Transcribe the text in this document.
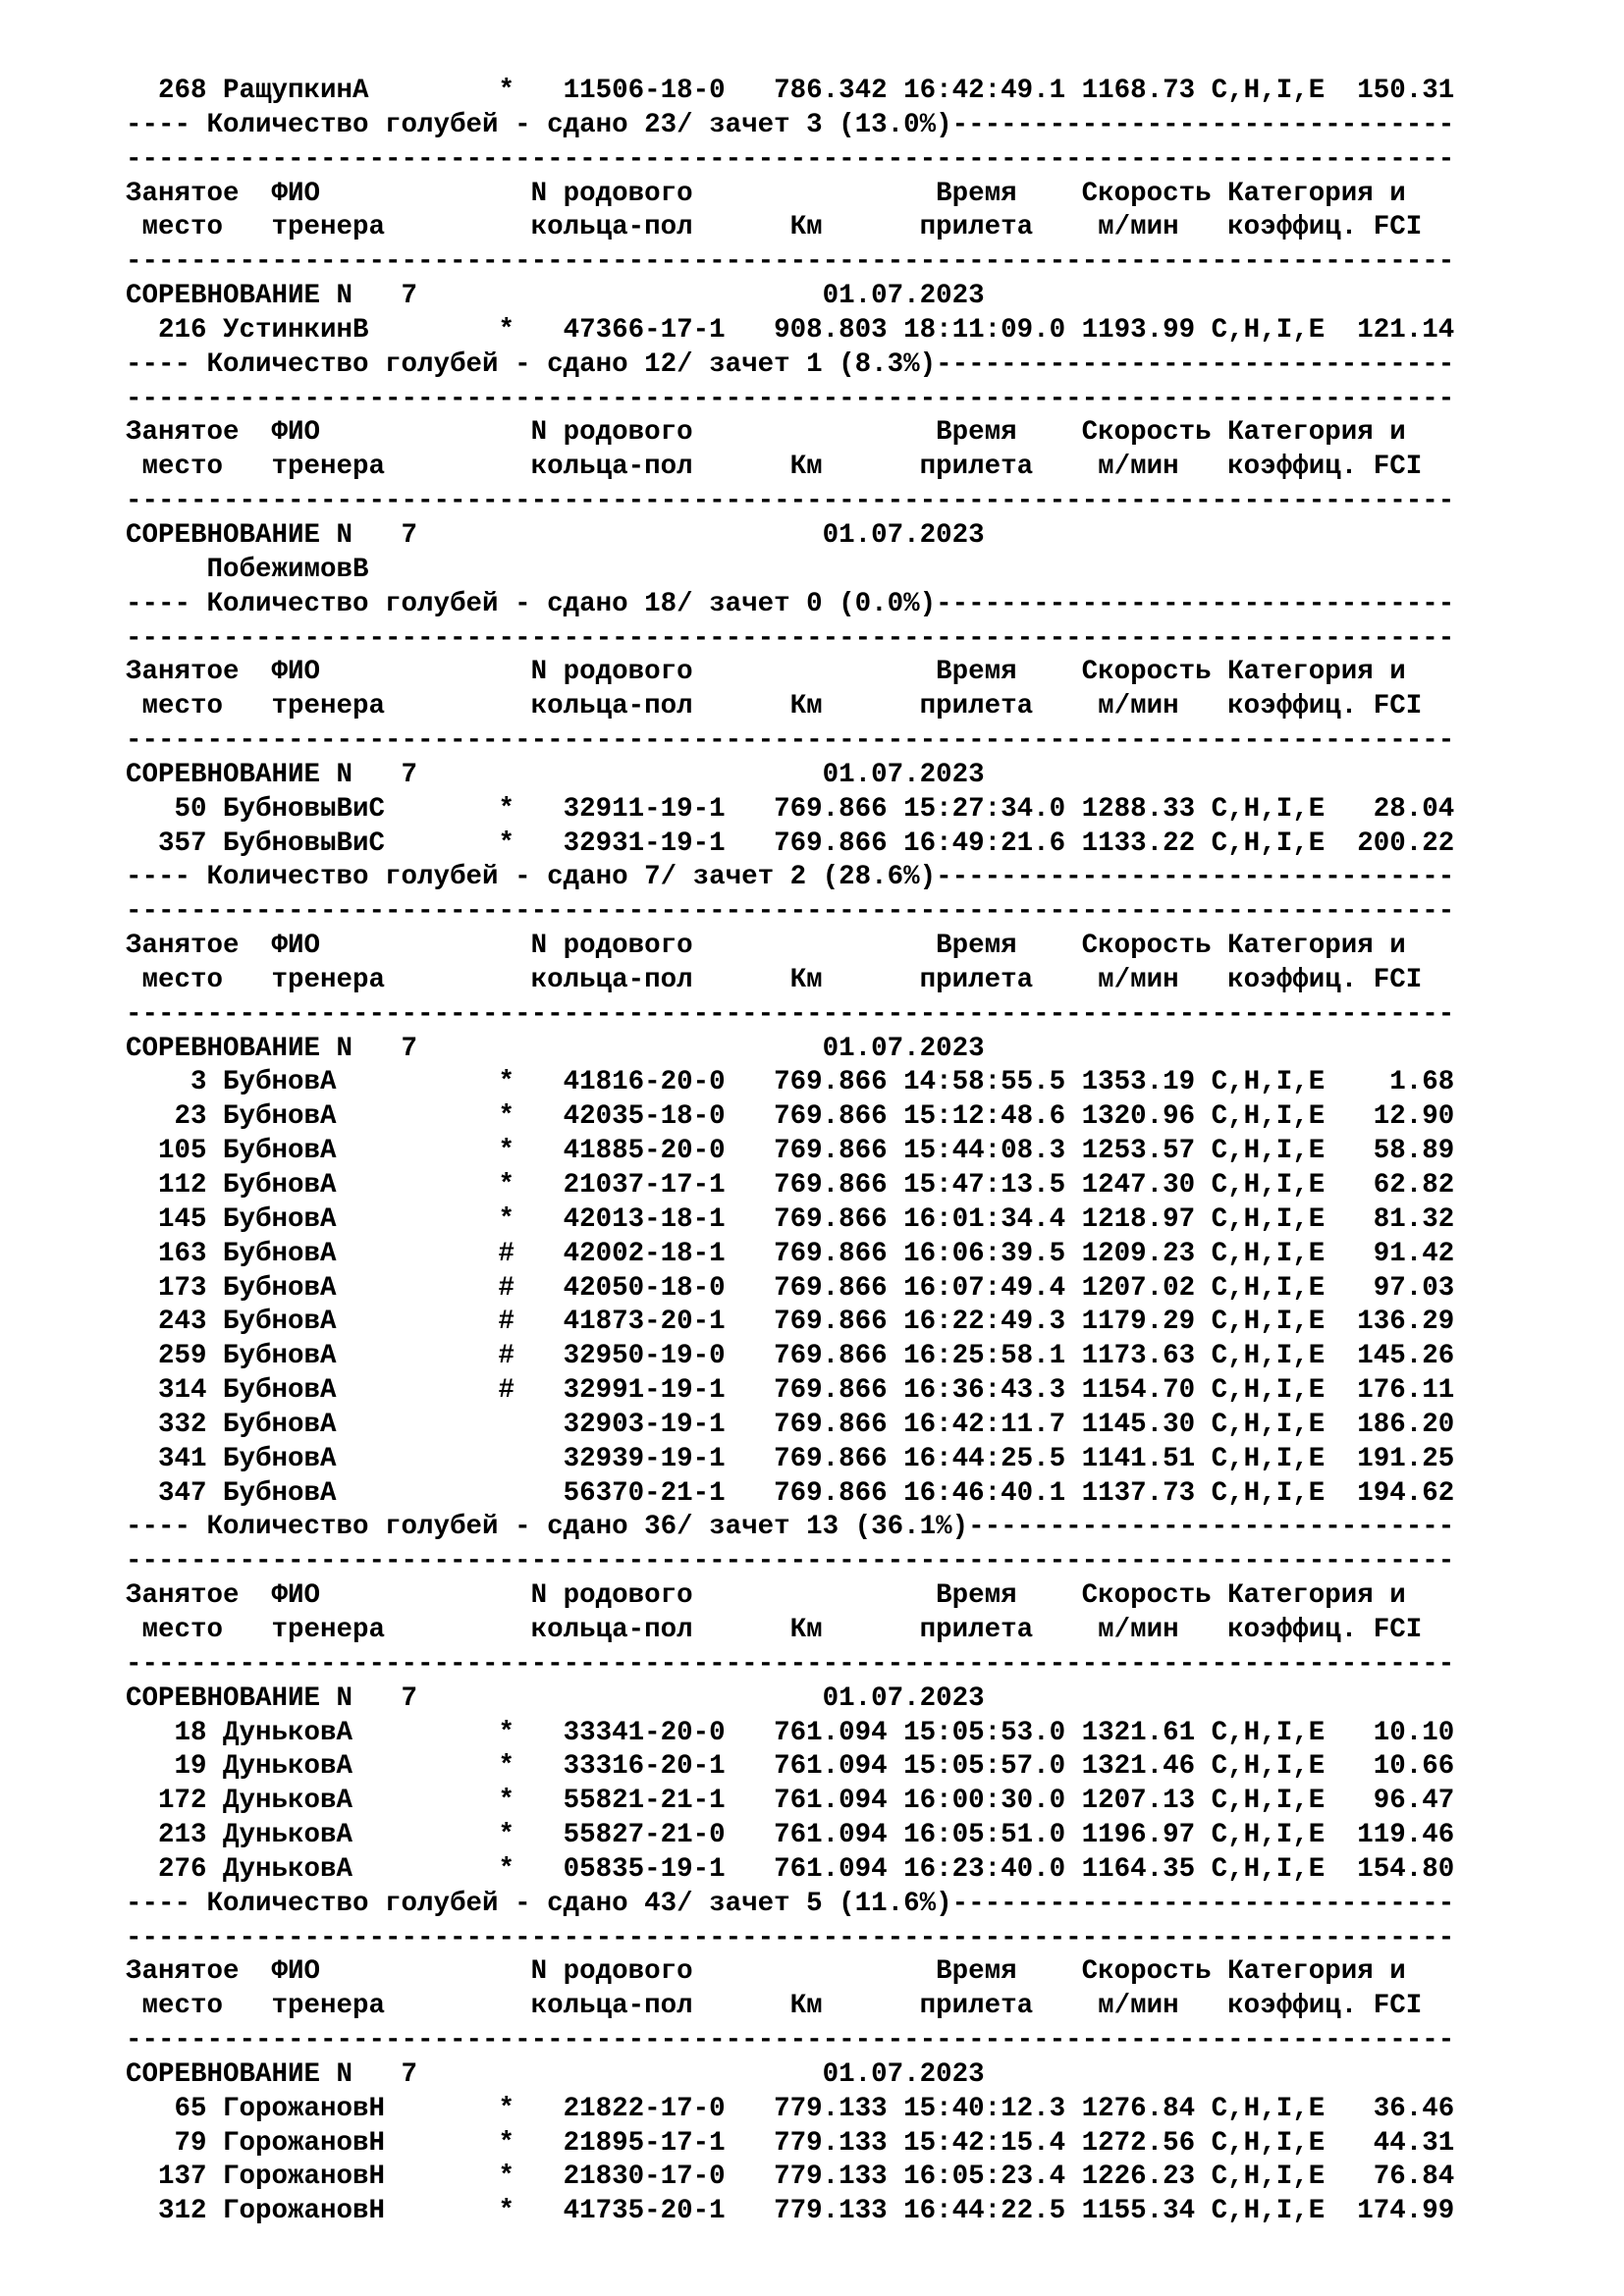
268 РащупкинА        *   11506-18-0   786.342 16:42:49.1 1168.73 C,H,I,E  150.31
---- Количество голубей - сдано 23/ зачет 3 (13.0%)-------------------------------
----------------------------------------------------------------------------------
Занятое  ФИО             N родового               Время    Скорость Категория и
место   тренера         кольца-пол      Км      прилета    м/мин   коэффиц. FCI
----------------------------------------------------------------------------------
СОРЕВНОВАНИЕ N   7                         01.07.2023
216 УстинкинВ        *   47366-17-1   908.803 18:11:09.0 1193.99 C,H,I,E  121.14
---- Количество голубей - сдано 12/ зачет 1 (8.3%)--------------------------------
----------------------------------------------------------------------------------
Занятое  ФИО             N родового               Время    Скорость Категория и
место   тренера         кольца-пол      Км      прилета    м/мин   коэффиц. FCI
----------------------------------------------------------------------------------
СОРЕВНОВАНИЕ N   7                         01.07.2023
ПобежимовВ
---- Количество голубей - сдано 18/ зачет 0 (0.0%)--------------------------------
----------------------------------------------------------------------------------
Занятое  ФИО             N родового               Время    Скорость Категория и
место   тренера         кольца-пол      Км      прилета    м/мин   коэффиц. FCI
----------------------------------------------------------------------------------
СОРЕВНОВАНИЕ N   7                         01.07.2023
50 БубновыВиС       *   32911-19-1   769.866 15:27:34.0 1288.33 C,H,I,E   28.04
357 БубновыВиС       *   32931-19-1   769.866 16:49:21.6 1133.22 C,H,I,E  200.22
---- Количество голубей - сдано 7/ зачет 2 (28.6%)--------------------------------
----------------------------------------------------------------------------------
Занятое  ФИО             N родового               Время    Скорость Категория и
место   тренера         кольца-пол      Км      прилета    м/мин   коэффиц. FCI
----------------------------------------------------------------------------------
СОРЕВНОВАНИЕ N   7                         01.07.2023
3 БубновА          *   41816-20-0   769.866 14:58:55.5 1353.19 C,H,I,E    1.68
23 БубновА          *   42035-18-0   769.866 15:12:48.6 1320.96 C,H,I,E   12.90
105 БубновА          *   41885-20-0   769.866 15:44:08.3 1253.57 C,H,I,E   58.89
112 БубновА          *   21037-17-1   769.866 15:47:13.5 1247.30 C,H,I,E   62.82
145 БубновА          *   42013-18-1   769.866 16:01:34.4 1218.97 C,H,I,E   81.32
163 БубновА          #   42002-18-1   769.866 16:06:39.5 1209.23 C,H,I,E   91.42
173 БубновА          #   42050-18-0   769.866 16:07:49.4 1207.02 C,H,I,E   97.03
243 БубновА          #   41873-20-1   769.866 16:22:49.3 1179.29 C,H,I,E  136.29
259 БубновА          #   32950-19-0   769.866 16:25:58.1 1173.63 C,H,I,E  145.26
314 БубновА          #   32991-19-1   769.866 16:36:43.3 1154.70 C,H,I,E  176.11
332 БубновА              32903-19-1   769.866 16:42:11.7 1145.30 C,H,I,E  186.20
341 БубновА              32939-19-1   769.866 16:44:25.5 1141.51 C,H,I,E  191.25
347 БубновА              56370-21-1   769.866 16:46:40.1 1137.73 C,H,I,E  194.62
---- Количество голубей - сдано 36/ зачет 13 (36.1%)------------------------------
----------------------------------------------------------------------------------
Занятое  ФИО             N родового               Время    Скорость Категория и
место   тренера         кольца-пол      Км      прилета    м/мин   коэффиц. FCI
----------------------------------------------------------------------------------
СОРЕВНОВАНИЕ N   7                         01.07.2023
18 ДуньковА         *   33341-20-0   761.094 15:05:53.0 1321.61 C,H,I,E   10.10
19 ДуньковА         *   33316-20-1   761.094 15:05:57.0 1321.46 C,H,I,E   10.66
172 ДуньковА         *   55821-21-1   761.094 16:00:30.0 1207.13 C,H,I,E   96.47
213 ДуньковА         *   55827-21-0   761.094 16:05:51.0 1196.97 C,H,I,E  119.46
276 ДуньковА         *   05835-19-1   761.094 16:23:40.0 1164.35 C,H,I,E  154.80
---- Количество голубей - сдано 43/ зачет 5 (11.6%)-------------------------------
----------------------------------------------------------------------------------
Занятое  ФИО             N родового               Время    Скорость Категория и
место   тренера         кольца-пол      Км      прилета    м/мин   коэффиц. FCI
----------------------------------------------------------------------------------
СОРЕВНОВАНИЕ N   7                         01.07.2023
65 ГорожановН       *   21822-17-0   779.133 15:40:12.3 1276.84 C,H,I,E   36.46
79 ГорожановН       *   21895-17-1   779.133 15:42:15.4 1272.56 C,H,I,E   44.31
137 ГорожановН       *   21830-17-0   779.133 16:05:23.4 1226.23 C,H,I,E   76.84
312 ГорожановН       *   41735-20-1   779.133 16:44:22.5 1155.34 C,H,I,E  174.99
